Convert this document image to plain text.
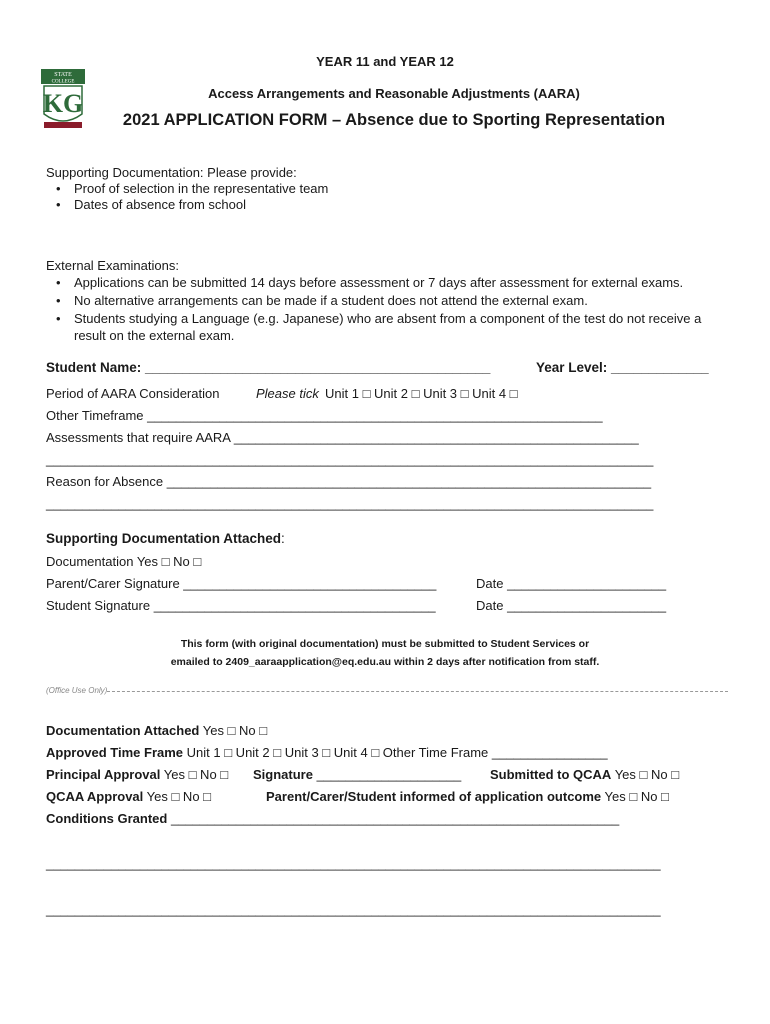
STATE
COLLEGE
KG
YEAR 11 and YEAR 12
Access Arrangements and Reasonable Adjustments (AARA)
2021 APPLICATION FORM – Absence due to Sporting Representation
Supporting Documentation: Please provide:
• Proof of selection in the representative team
• Dates of absence from school
External Examinations:
• Applications can be submitted 14 days before assessment or 7 days after assessment for external exams.
• No alternative arrangements can be made if a student does not attend the external exam.
• Students studying a Language (e.g. Japanese) who are absent from a component of the test do not receive a
result on the external exam.
Student Name: ______________________________________________	Year Level: _____________
Period of AARA Consideration	Please tick Unit 1 □ Unit 2 □ Unit 3 □ Unit 4 □
Other Timeframe _______________________________________________________________
Assessments that require AARA ________________________________________________________
____________________________________________________________________________________
Reason for Absence ___________________________________________________________________
____________________________________________________________________________________
Supporting Documentation Attached:
Documentation Yes □ No □
Parent/Carer Signature ___________________________________	Date ______________________
Student Signature _______________________________________	Date ______________________
This form (with original documentation) must be submitted to Student Services or
emailed to 2409_aaraapplication@eq.edu.au within 2 days after notification from staff.
(Office Use Only)
Documentation Attached Yes □ No □
Approved Time Frame Unit 1 □ Unit 2 □ Unit 3 □ Unit 4 □ Other Time Frame ________________
Principal Approval Yes □ No □ Signature ____________________ Submitted to QCAA Yes □ No □
QCAA Approval Yes □ No □	Parent/Carer/Student informed of application outcome Yes □ No □
Conditions Granted ______________________________________________________________
_____________________________________________________________________________________
_____________________________________________________________________________________
